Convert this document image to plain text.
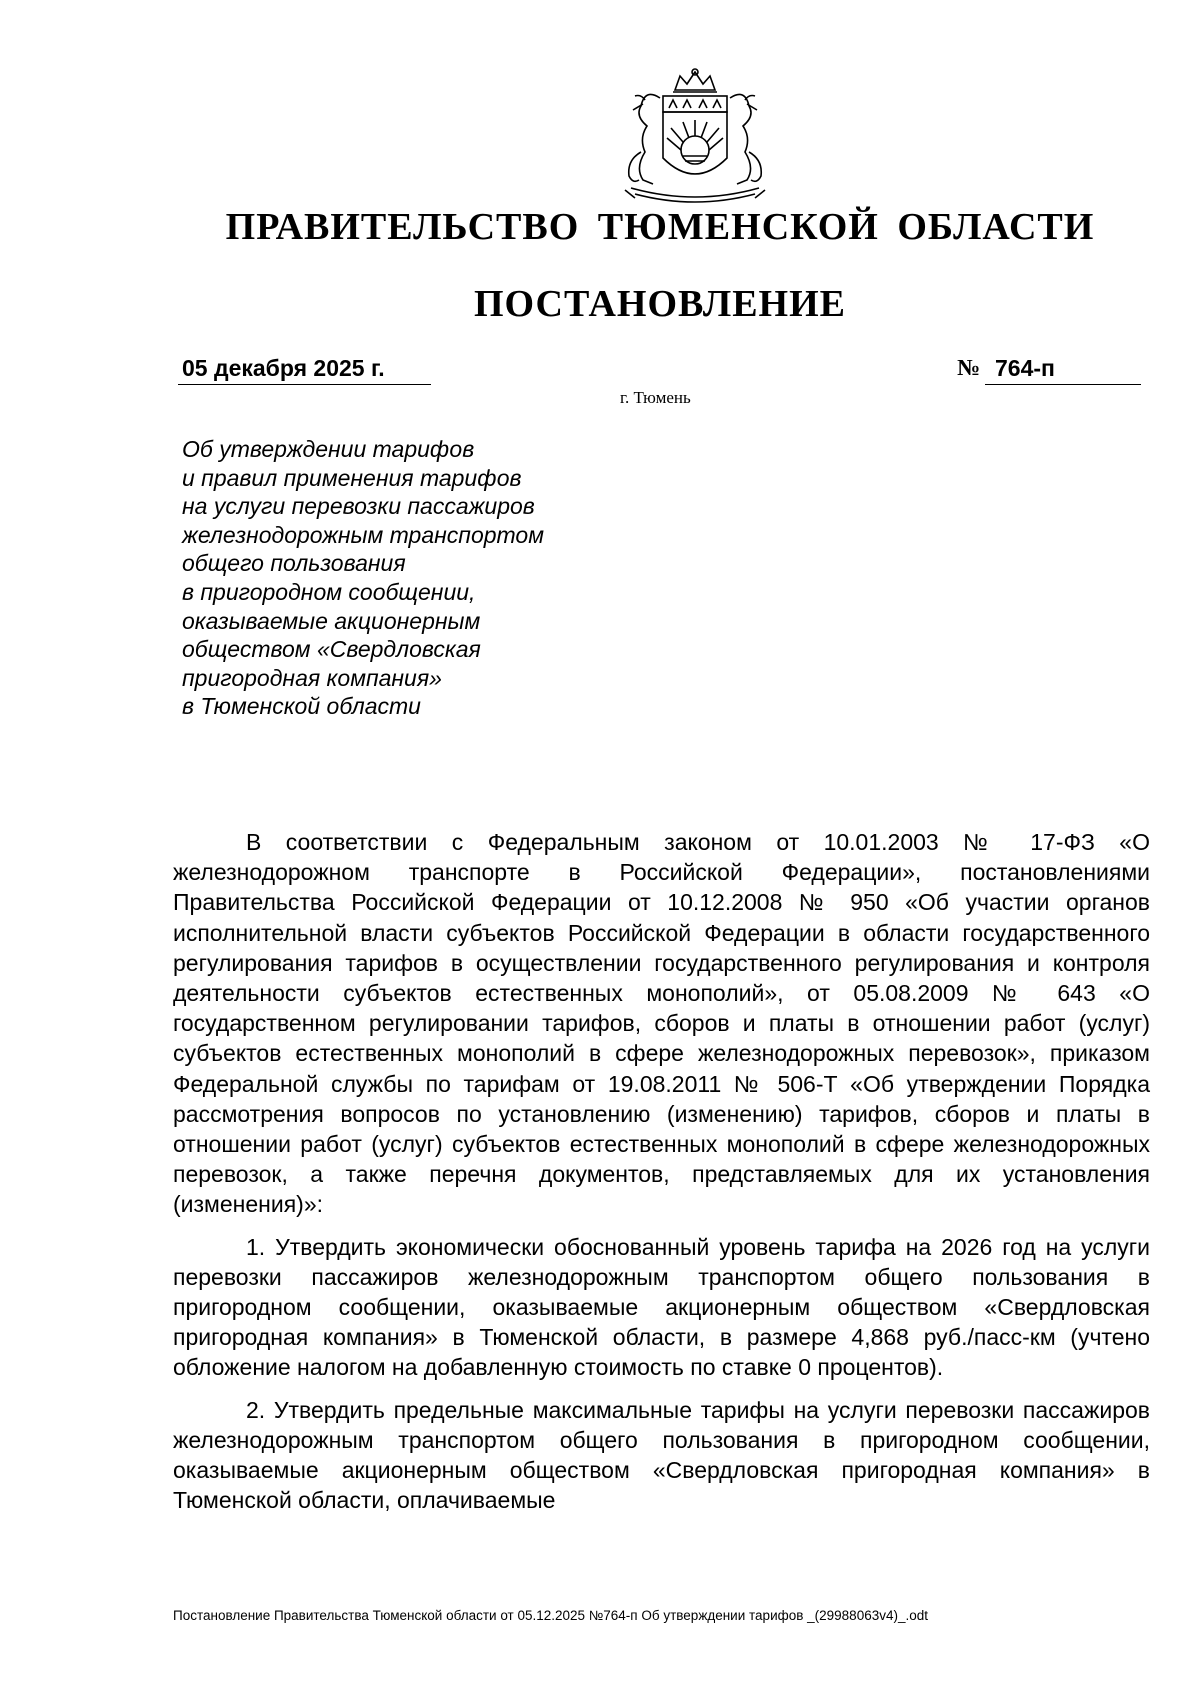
ПРАВИТЕЛЬСТВО ТЮМЕНСКОЙ ОБЛАСТИ
ПОСТАНОВЛЕНИЕ
05 декабря 2025 г.	№ 764-п
г. Тюмень
Об утверждении тарифов
и правил применения тарифов
на услуги перевозки пассажиров
железнодорожным транспортом
общего пользования
в пригородном сообщении,
оказываемые акционерным
обществом «Свердловская
пригородная компания»
в Тюменской области

В соответствии с Федеральным законом от 10.01.2003 № 17-ФЗ «О железнодорожном транспорте в Российской Федерации», постановлениями Правительства Российской Федерации от 10.12.2008 № 950 «Об участии органов исполнительной власти субъектов Российской Федерации в области государственного регулирования тарифов в осуществлении государственного регулирования и контроля деятельности субъектов естественных монополий», от 05.08.2009 № 643 «О государственном регулировании тарифов, сборов и платы в отношении работ (услуг) субъектов естественных монополий в сфере железнодорожных перевозок», приказом Федеральной службы по тарифам от 19.08.2011 № 506-Т «Об утверждении Порядка рассмотрения вопросов по установлению (изменению) тарифов, сборов и платы в отношении работ (услуг) субъектов естественных монополий в сфере железнодорожных перевозок, а также перечня документов, представляемых для их установления (изменения)»:

1. Утвердить экономически обоснованный уровень тарифа на 2026 год на услуги перевозки пассажиров железнодорожным транспортом общего пользования в пригородном сообщении, оказываемые акционерным обществом «Свердловская пригородная компания» в Тюменской области, в размере 4,868 руб./пасс-км (учтено обложение налогом на добавленную стоимость по ставке 0 процентов).

2. Утвердить предельные максимальные тарифы на услуги перевозки пассажиров железнодорожным транспортом общего пользования в пригородном сообщении, оказываемые акционерным обществом «Свердловская пригородная компания» в Тюменской области, оплачиваемые

Постановление Правительства Тюменской области от 05.12.2025 №764-п Об утверждении тарифов _(29988063v4)_.odt
